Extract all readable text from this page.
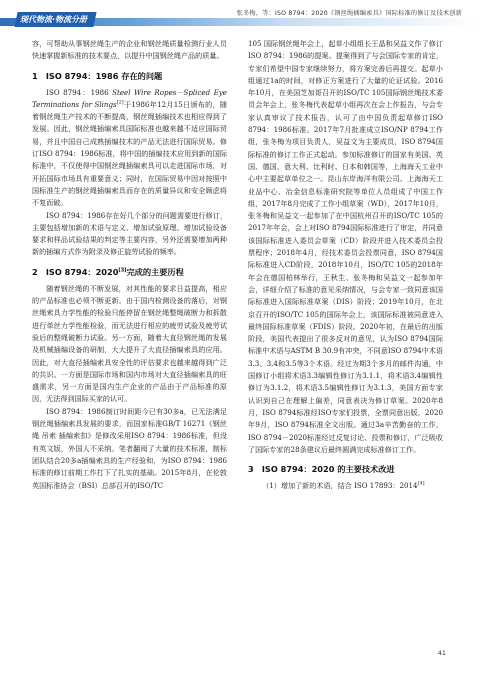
现代物流·物流分册
张冬梅，等：ISO 8794：2020《钢丝绳插编索具》国际标准的修订及技术创新

容，可帮助从事钢丝绳生产的企业和钢丝绳质量检测行业人员快速掌握新标准的技术要点，以提升中国钢丝绳产品的质量。

1　ISO 8794：1986 存在的问题

ISO 8794：1986 Steel Wire Ropes－Spliced Eye Terminations for Slings[2]于1986年12月15日颁布的，随着钢丝绳生产技术的不断提高，钢丝绳插编技术也相应得到了发展。因此，钢丝绳插编索具国际标准也越来越不适应国际贸易，并且中国自己成熟插编技术的产品无法进行国际贸易。修订ISO 8794：1986标准，将中国的插编技术应用到新的国际标准中，不仅使得中国钢丝绳插编索具可以走进国际市场，对开拓国际市场具有重要意义；同时，在国际贸易中因对按照中国标准生产的钢丝绳插编索具而存在的质量异议和安全顾虑将不复而破。

ISO 8794：1986存在好几个部分的问题需要进行修订，主要包括增加新的术语与定义、增加试验原理、增加试验设备要求和样品试验结果的判定等主要内容，另外还需要增加两种新的插编方式作为附录及修正旋劳试验的频率。

2　ISO 8794：2020[3]完成的主要历程

随着钢丝绳的不断发展，对其性能的要求日益提高，相应的产品标准也必须不断更新。由于国内检测设备的落后，对钢丝绳索具力学性能的检验只能停留在钢丝绳整绳破断力和拆散进行单丝力学性能检验，而无法进行相应的疲劳试验及疲劳试验后的整绳破断力试验。另一方面，随着大直径钢丝绳的发展及机械插编设备的研制，大大提升了大直径插编索具的应用。因此，对大直径插编索具安全性的评估要求也越来越得到广泛的共识。一方面是国际市场和国内市场对大直径插编索具的旺盛需求，另一方面是国内生产企业的产品由于产品标准的原因，无法得到国际买家的认可。

ISO 8794：1986制订时间距今已有30多a，已无法满足钢丝绳插编索具发展的要求，而国家标准GB/T 16271《钢丝绳 吊索 插编索扣》是修改采用ISO 8794：1986标准，但没有英文版，外国人不采纳。笔者翻阅了大量的技术标准，制标团队结合20多a插编索具的生产经验和，为ISO 8794：1986标准的修订前期工作打下了扎实的基础。2015年8月，在伦敦英国标准协会（BSI）总部召开的ISO/TC

105 国际钢丝绳年会上，起草小组组长王晶和吴益文作了修订ISO 8794：1986的提案。提案得到了与会国际专家的肯定，专家们希望中国专家继续努力，将方案完善后再提交。起草小组通过1a的时间，对修正方案进行了大量的论证试验。2016年10月，在美国芝加哥召开的ISO/TC 105国际钢丝绳技术委员会年会上，张冬梅代表起草小组再次在会上作报告，与会专家认真审议了技术报告，认可了由中国负责起草修订ISO 8794：1986标准。2017年7月批准成立ISO/NP 8794工作组，张冬梅为项目负责人，吴益文为主要成员，ISO 8794国际标准的修订工作正式起动。参加标准修订的国家有美国、英国、德国、意大利、比利时、日本和韩国等，上海海天工业中心中主要起草单位之一。昆山东岸海洋有限公司、上海海天工业品中心、冶金信息标准研究院等单位人员组成了中国工作组，2017年8月完成了工作小组草案（WD），2017年10月，张冬梅和吴益文一起参加了在中国杭州召开的ISO/TC 105的2017年年会，会上对ISO 8794国际标准进行了审定，并同意该国际标准进入委员会草案（CD）阶段并进入技术委员会投票程序；2018年4月，经技术委员会投票同意，ISO 8794国际标准进入CD阶段，2018年10月，ISO/TC 105的2018年年会在德国柏林举行，王秋生、张冬梅和吴益文一起参加年会，详细介绍了标准的意见采纳情况，与会专家一致同意该国际标准进入国际标准草案（DIS）阶段；2019年10月，在北京召开的ISO/TC 105的国际年会上，该国际标准被同意进入最终国际标准草案（FDIS）阶段。2020年初，在最后的出版阶段，美国代表提出了很多反对的意见，认为ISO 8794国际标准中术语与ASTM B 30.9有冲突，不同意ISO 8794中术语3.3、3.4和3.5等3个术语。经过为期3个多月的邮件沟通，中国修订小组将术语3.3编辑性修订为3.1.1，将术语3.4编辑性修订为3.1.2，将术语3.5编辑性修订为3.1.3，美国方面专家认识到自己在理解上偏差，同意表决为修订草案。2020年8月，ISO 8794标准经ISO专家们投票，全票同意出版，2020年9月，ISO 8794标准全文出版。通过3a辛苦勤奋的工作，ISO 8794－2020标准经过反复讨论、投票和修订，广泛吸收了国际专家的28条建议后最终圆满完成标准修订工作。

3　ISO 8794：2020 的主要技术改进

（1）增加了新的术语，结合 ISO 17893：2014[4]

41
